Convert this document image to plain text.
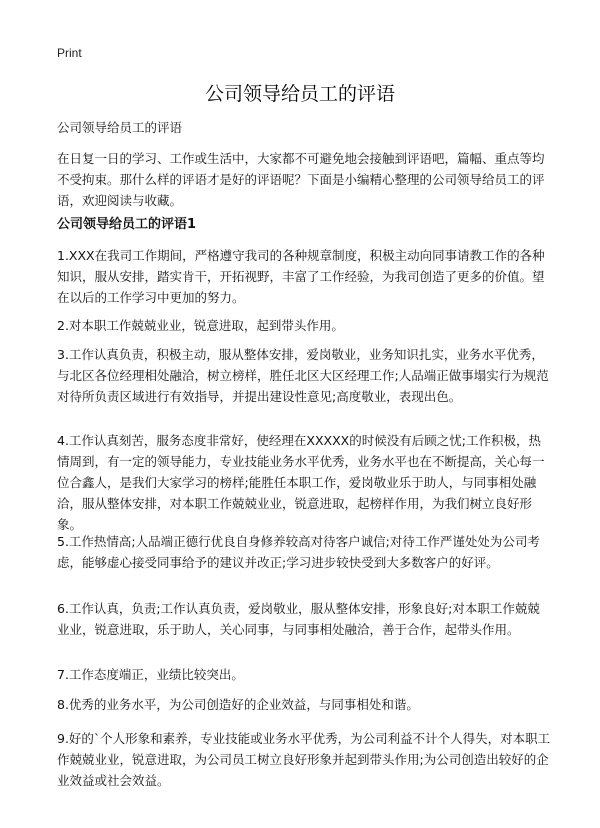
Print
公司领导给员工的评语
公司领导给员工的评语
在日复一日的学习、工作或生活中，大家都不可避免地会接触到评语吧，篇幅、重点等均不受拘束。那什么样的评语才是好的评语呢？下面是小编精心整理的公司领导给员工的评语，欢迎阅读与收藏。
公司领导给员工的评语1
1.XXX在我司工作期间，严格遵守我司的各种规章制度，积极主动向同事请教工作的各种知识，服从安排，踏实肯干，开拓视野，丰富了工作经验，为我司创造了更多的价值。望在以后的工作学习中更加的努力。
2.对本职工作兢兢业业，锐意进取，起到带头作用。
3.工作认真负责，积极主动，服从整体安排，爱岗敬业，业务知识扎实，业务水平优秀，与北区各位经理相处融洽，树立榜样，胜任北区大区经理工作;人品端正做事塌实行为规范对待所负责区域进行有效指导，并提出建设性意见;高度敬业，表现出色。
4.工作认真刻苦，服务态度非常好，使经理在XXXXX的时候没有后顾之忧;工作积极，热情周到，有一定的领导能力，专业技能业务水平优秀，业务水平也在不断提高，关心每一位合鑫人，是我们大家学习的榜样;能胜任本职工作，爱岗敬业乐于助人，与同事相处融洽，服从整体安排，对本职工作兢兢业业，锐意进取，起榜样作用，为我们树立良好形象。
5.工作热情高;人品端正德行优良自身修养较高对待客户诚信;对待工作严谨处处为公司考虑，能够虚心接受同事给予的建议并改正;学习进步较快受到大多数客户的好评。
6.工作认真，负责;工作认真负责，爱岗敬业，服从整体安排，形象良好;对本职工作兢兢业业，锐意进取，乐于助人，关心同事，与同事相处融洽，善于合作，起带头作用。
7.工作态度端正，业绩比较突出。
8.优秀的业务水平，为公司创造好的企业效益，与同事相处和谐。
9.好的`个人形象和素养，专业技能或业务水平优秀，为公司利益不计个人得失，对本职工作兢兢业业，锐意进取，为公司员工树立良好形象并起到带头作用;为公司创造出较好的企业效益或社会效益。
